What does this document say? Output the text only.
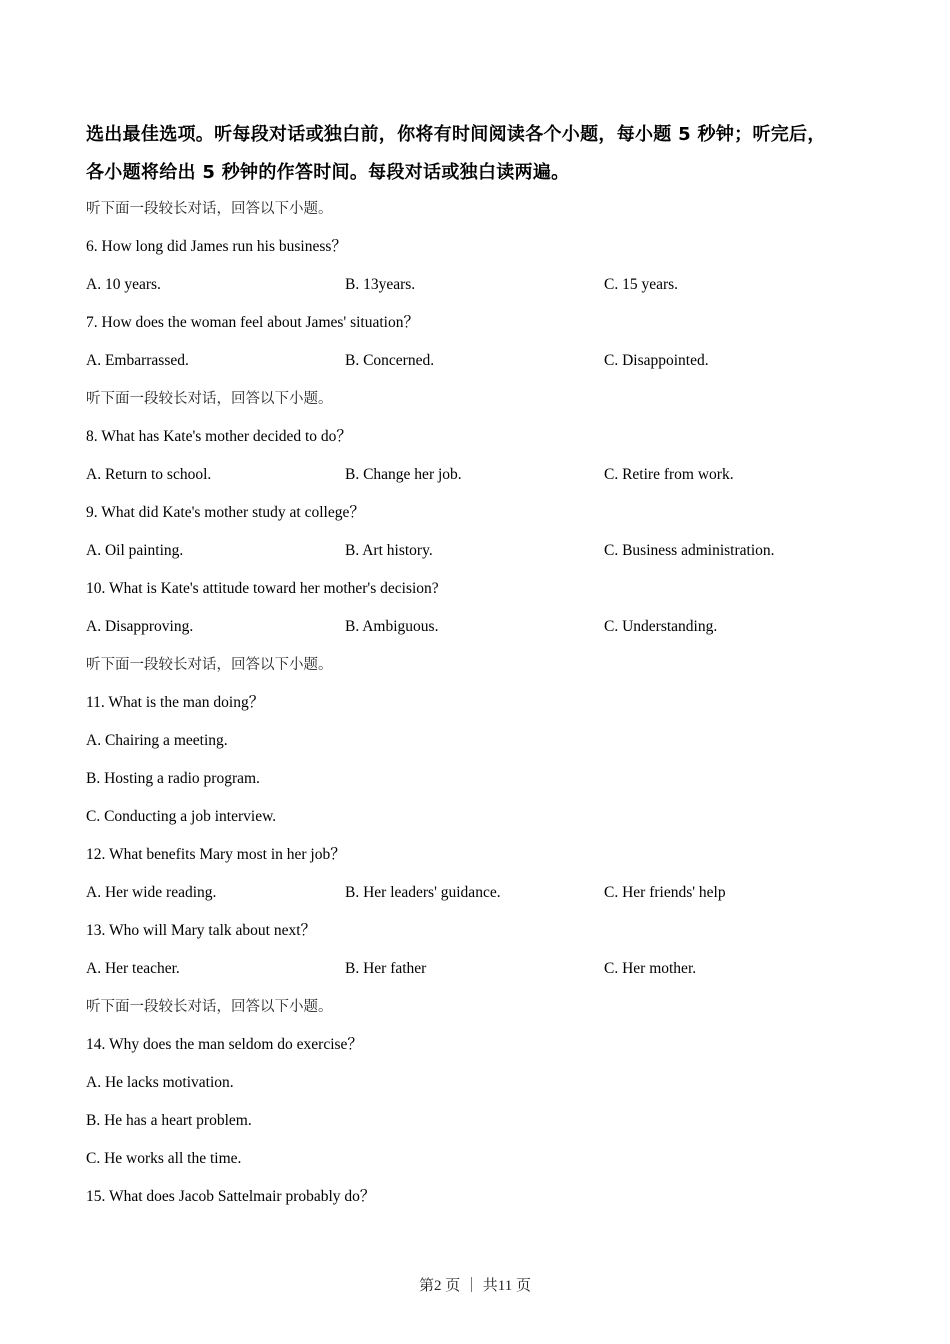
选出最佳选项。听每段对话或独白前，你将有时间阅读各个小题，每小题 5 秒钟；听完后，
各小题将给出 5 秒钟的作答时间。每段对话或独白读两遍。
听下面一段较长对话，回答以下小题。
6. How long did James run his business？
A. 10 years.	B. 13years.	C. 15 years.
7. How does the woman feel about James' situation？
A. Embarrassed.	B. Concerned.	C. Disappointed.
听下面一段较长对话，回答以下小题。
8. What has Kate's mother decided to do？
A. Return to school.	B. Change her job.	C. Retire from work.
9. What did Kate's mother study at college？
A. Oil painting.	B. Art history.	C. Business administration.
10. What is Kate's attitude toward her mother's decision?
A. Disapproving.	B. Ambiguous.	C. Understanding.
听下面一段较长对话，回答以下小题。
11. What is the man doing？
A. Chairing a meeting.
B. Hosting a radio program.
C. Conducting a job interview.
12. What benefits Mary most in her job？
A. Her wide reading.	B. Her leaders' guidance.	C. Her friends' help
13. Who will Mary talk about next？
A. Her teacher.	B. Her father	C. Her mother.
听下面一段较长对话，回答以下小题。
14. Why does the man seldom do exercise？
A. He lacks motivation.
B. He has a heart problem.
C. He works all the time.
15. What does Jacob Sattelmair probably do？
第2 页 ｜ 共11 页
